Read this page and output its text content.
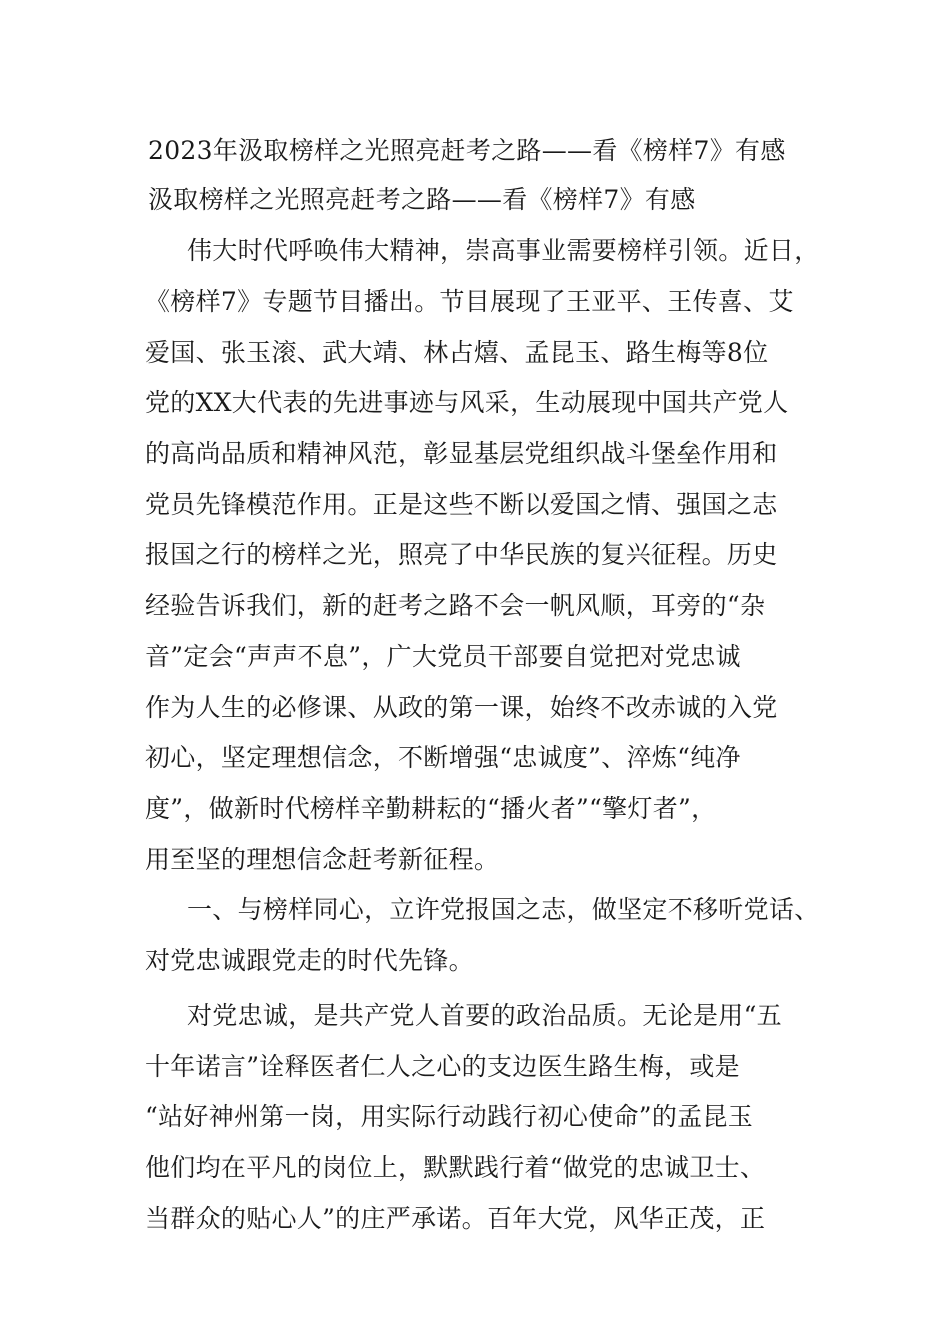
2023年汲取榜样之光照亮赶考之路——看《榜样7》有感
汲取榜样之光照亮赶考之路——看《榜样7》有感
伟大时代呼唤伟大精神，崇高事业需要榜样引领。近日，
《榜样7》专题节目播出。节目展现了王亚平、王传喜、艾
爱国、张玉滚、武大靖、林占熺、孟昆玉、路生梅等8位
党的XX大代表的先进事迹与风采，生动展现中国共产党人
的高尚品质和精神风范，彰显基层党组织战斗堡垒作用和
党员先锋模范作用。正是这些不断以爱国之情、强国之志
报国之行的榜样之光，照亮了中华民族的复兴征程。历史
经验告诉我们，新的赶考之路不会一帆风顺，耳旁的“杂
音”定会“声声不息”，广大党员干部要自觉把对党忠诚
作为人生的必修课、从政的第一课，始终不改赤诚的入党
初心，坚定理想信念，不断增强“忠诚度”、淬炼“纯净
度”，做新时代榜样辛勤耕耘的“播火者”“擎灯者”，
用至坚的理想信念赶考新征程。
一、与榜样同心，立许党报国之志，做坚定不移听党话、
对党忠诚跟党走的时代先锋。
对党忠诚，是共产党人首要的政治品质。无论是用“五
十年诺言”诠释医者仁人之心的支边医生路生梅，或是
“站好神州第一岗，用实际行动践行初心使命”的孟昆玉
他们均在平凡的岗位上，默默践行着“做党的忠诚卫士、
当群众的贴心人”的庄严承诺。百年大党，风华正茂，正
